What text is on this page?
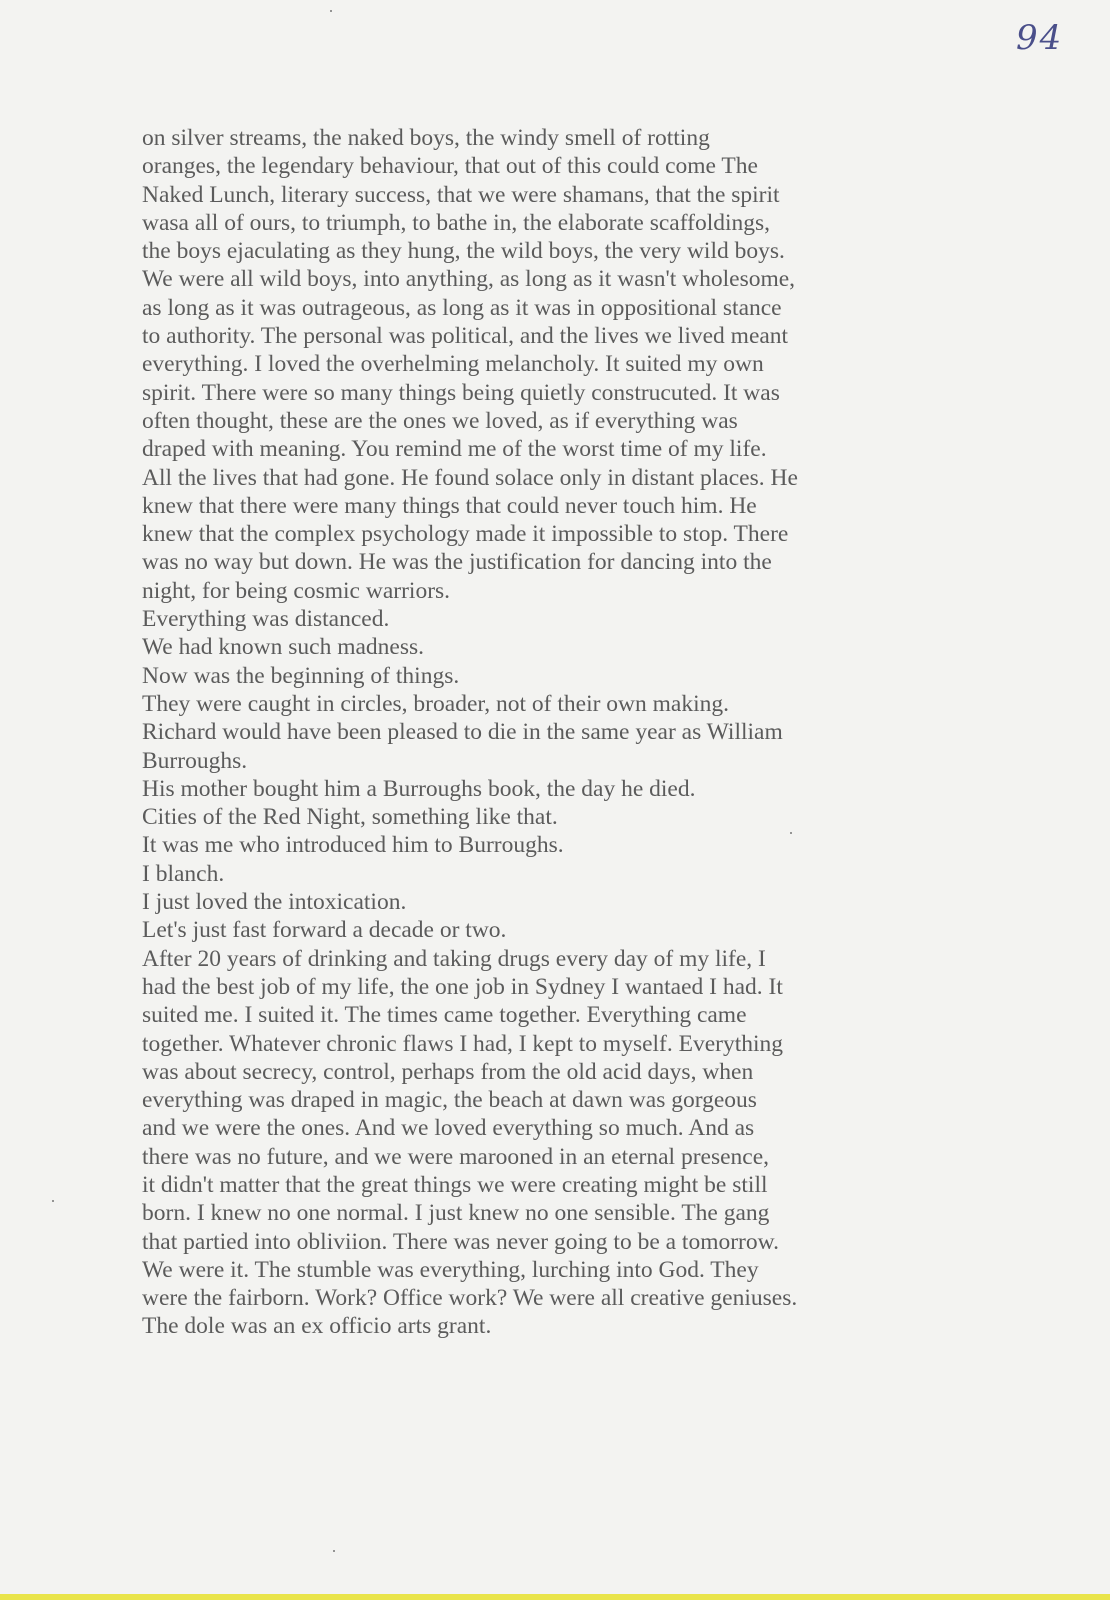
94

on silver streams, the naked boys, the windy smell of rotting

oranges, the legendary behaviour, that out of this could come The

Naked Lunch, literary success, that we were shamans, that the spirit

wasa all of ours, to triumph, to bathe in, the elaborate scaffoldings,

the boys ejaculating as they hung, the wild boys, the very wild boys.

We were all wild boys, into anything, as long as it wasn't wholesome,

as long as it was outrageous, as long as it was in oppositional stance

to authority. The personal was political, and the lives we lived meant

everything. I loved the overhelming melancholy. It suited my own

spirit. There were so many things being quietly construcuted. It was

often thought, these are the ones we loved, as if everything was

draped with meaning. You remind me of the worst time of my life.

All the lives that had gone. He found solace only in distant places. He

knew that there were many things that could never touch him. He

knew that the complex psychology made it impossible to stop. There

was no way but down. He was the justification for dancing into the

night, for being cosmic warriors.

Everything was distanced.

We had known such madness.

Now was the beginning of things.

They were caught in circles, broader, not of their own making.

Richard would have been pleased to die in the same year as William

Burroughs.

His mother bought him a Burroughs book, the day he died.

Cities of the Red Night, something like that.

It was me who introduced him to Burroughs.

I blanch.

I just loved the intoxication.

Let's just fast forward a decade or two.

After 20 years of drinking and taking drugs every day of my life, I

had the best job of my life, the one job in Sydney I wantaed I had. It

suited me. I suited it. The times came together. Everything came

together. Whatever chronic flaws I had, I kept to myself. Everything

was about secrecy, control, perhaps from the old acid days, when

everything was draped in magic, the beach at dawn was gorgeous

and we were the ones. And we loved everything so much. And as

there was no future, and we were marooned in an eternal presence,

it didn't matter that the great things we were creating might be still

born. I knew no one normal. I just knew no one sensible. The gang

that partied into obliviion. There was never going to be a tomorrow.

We were it. The stumble was everything, lurching into God. They

were the fairborn. Work? Office work? We were all creative geniuses.

The dole was an ex officio arts grant.
